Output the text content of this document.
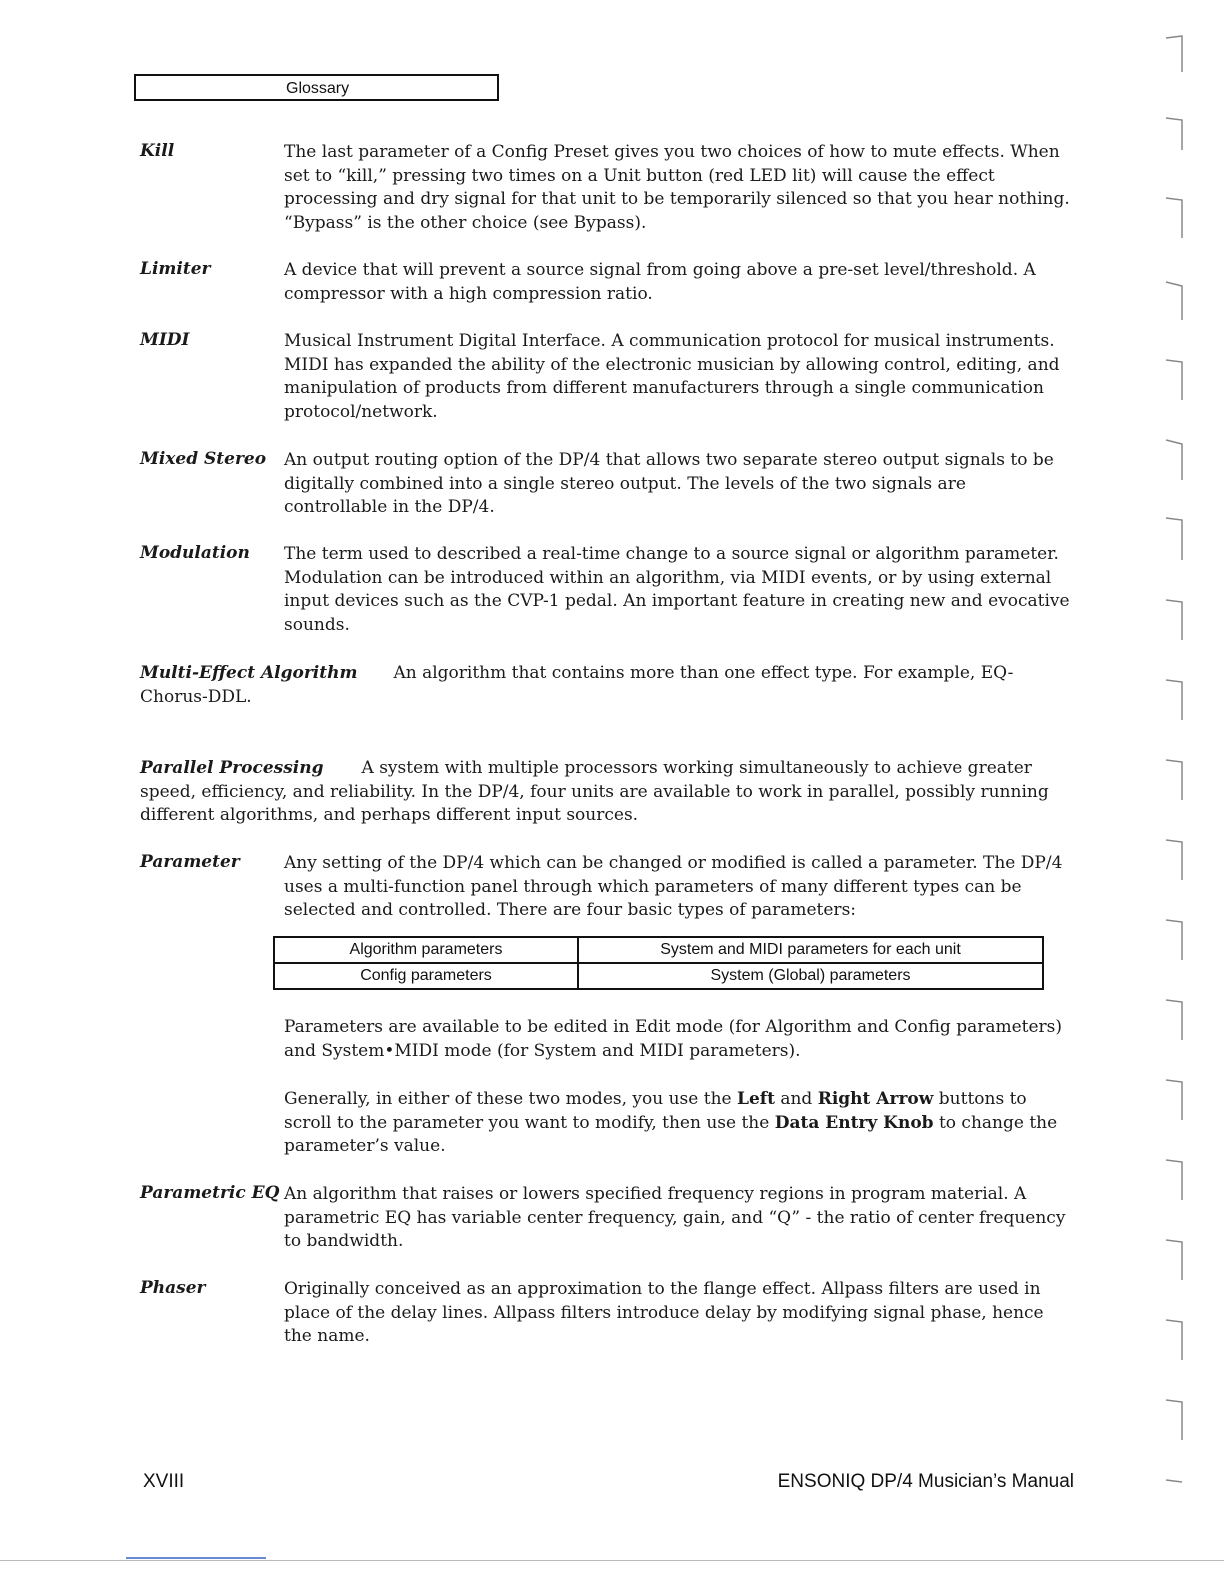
Glossary
Kill	The last parameter of a Config Preset gives you two choices of how to mute effects. When set to “kill,” pressing two times on a Unit button (red LED lit) will cause the effect processing and dry signal for that unit to be temporarily silenced so that you hear nothing. “Bypass” is the other choice (see Bypass).
Limiter	A device that will prevent a source signal from going above a pre-set level/threshold. A compressor with a high compression ratio.
MIDI	Musical Instrument Digital Interface. A communication protocol for musical instruments. MIDI has expanded the ability of the electronic musician by allowing control, editing, and manipulation of products from different manufacturers through a single communication protocol/network.
Mixed Stereo An output routing option of the DP/4 that allows two separate stereo output signals to be digitally combined into a single stereo output. The levels of the two signals are controllable in the DP/4.
Modulation The term used to described a real-time change to a source signal or algorithm parameter. Modulation can be introduced within an algorithm, via MIDI events, or by using external input devices such as the CVP-1 pedal. An important feature in creating new and evocative sounds.
Multi-Effect Algorithm An algorithm that contains more than one effect type. For example, EQ-Chorus-DDL.
Parallel Processing A system with multiple processors working simultaneously to achieve greater speed, efficiency, and reliability. In the DP/4, four units are available to work in parallel, possibly running different algorithms, and perhaps different input sources.
Parameter	Any setting of the DP/4 which can be changed or modified is called a parameter. The DP/4 uses a multi-function panel through which parameters of many different types can be selected and controlled. There are four basic types of parameters:
Algorithm parameters	System and MIDI parameters for each unit
Config parameters	System (Global) parameters
Parameters are available to be edited in Edit mode (for Algorithm and Config parameters) and System•MIDI mode (for System and MIDI parameters).
Generally, in either of these two modes, you use the Left and Right Arrow buttons to scroll to the parameter you want to modify, then use the Data Entry Knob to change the parameter’s value.
Parametric EQ An algorithm that raises or lowers specified frequency regions in program material. A parametric EQ has variable center frequency, gain, and “Q” - the ratio of center frequency to bandwidth.
Phaser	Originally conceived as an approximation to the flange effect. Allpass filters are used in place of the delay lines. Allpass filters introduce delay by modifying signal phase, hence the name.
XVIII	ENSONIQ DP/4 Musician’s Manual
